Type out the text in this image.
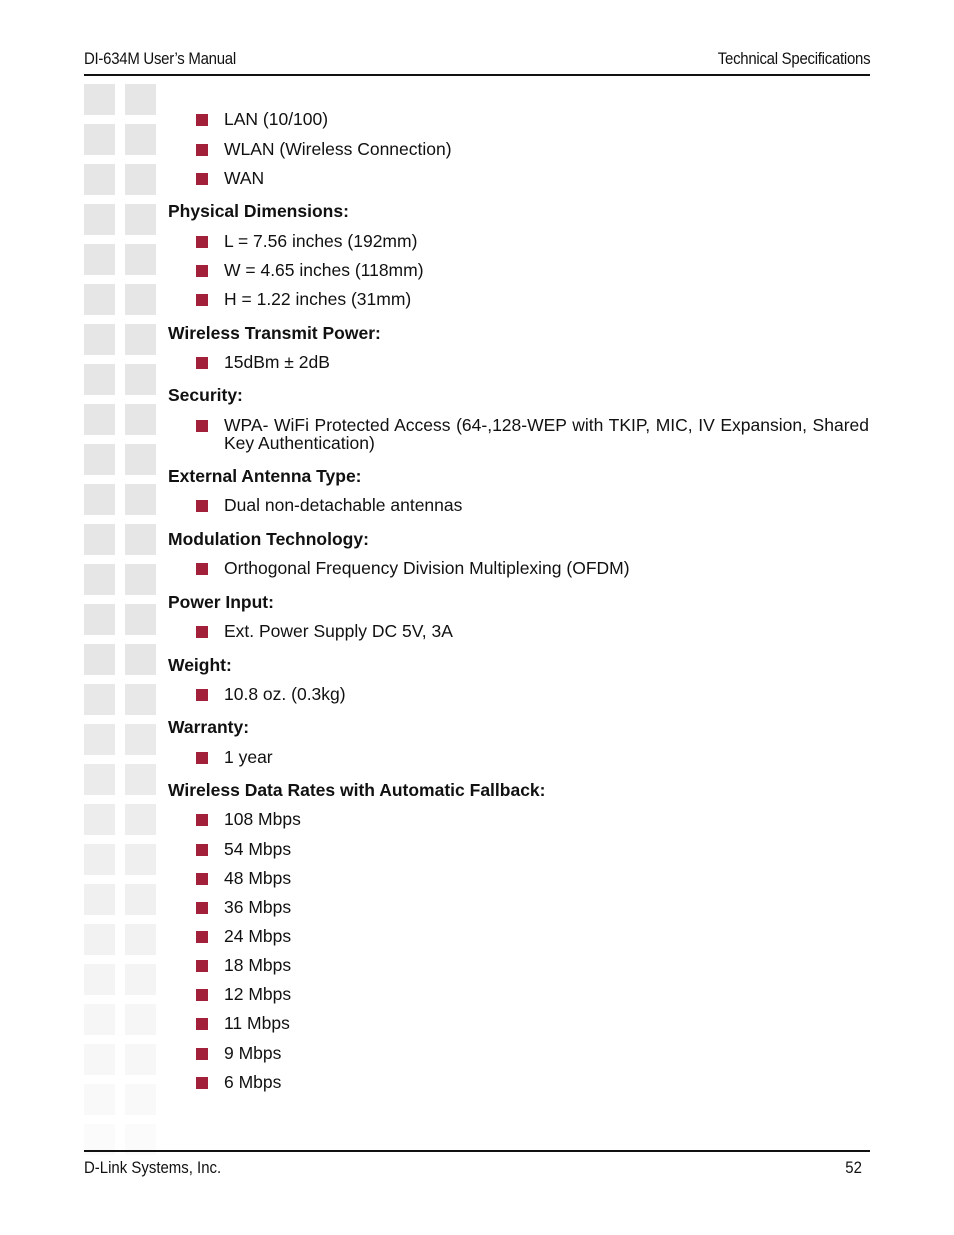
DI-634M User’s Manual	Technical Specifications
LAN (10/100)
WLAN (Wireless Connection)
WAN
Physical Dimensions:
L = 7.56 inches (192mm)
W = 4.65 inches (118mm)
H = 1.22 inches (31mm)
Wireless Transmit Power:
15dBm ± 2dB
Security:
WPA- WiFi Protected Access (64-,128-WEP with TKIP, MIC, IV Expansion, Shared Key Authentication)
External Antenna Type:
Dual non-detachable antennas
Modulation Technology:
Orthogonal Frequency Division Multiplexing (OFDM)
Power Input:
Ext. Power Supply DC 5V, 3A
Weight:
10.8 oz. (0.3kg)
Warranty:
1 year
Wireless Data Rates with Automatic Fallback:
108 Mbps
54 Mbps
48 Mbps
36 Mbps
24 Mbps
18 Mbps
12 Mbps
11 Mbps
9 Mbps
6 Mbps
D-Link Systems, Inc.	52
